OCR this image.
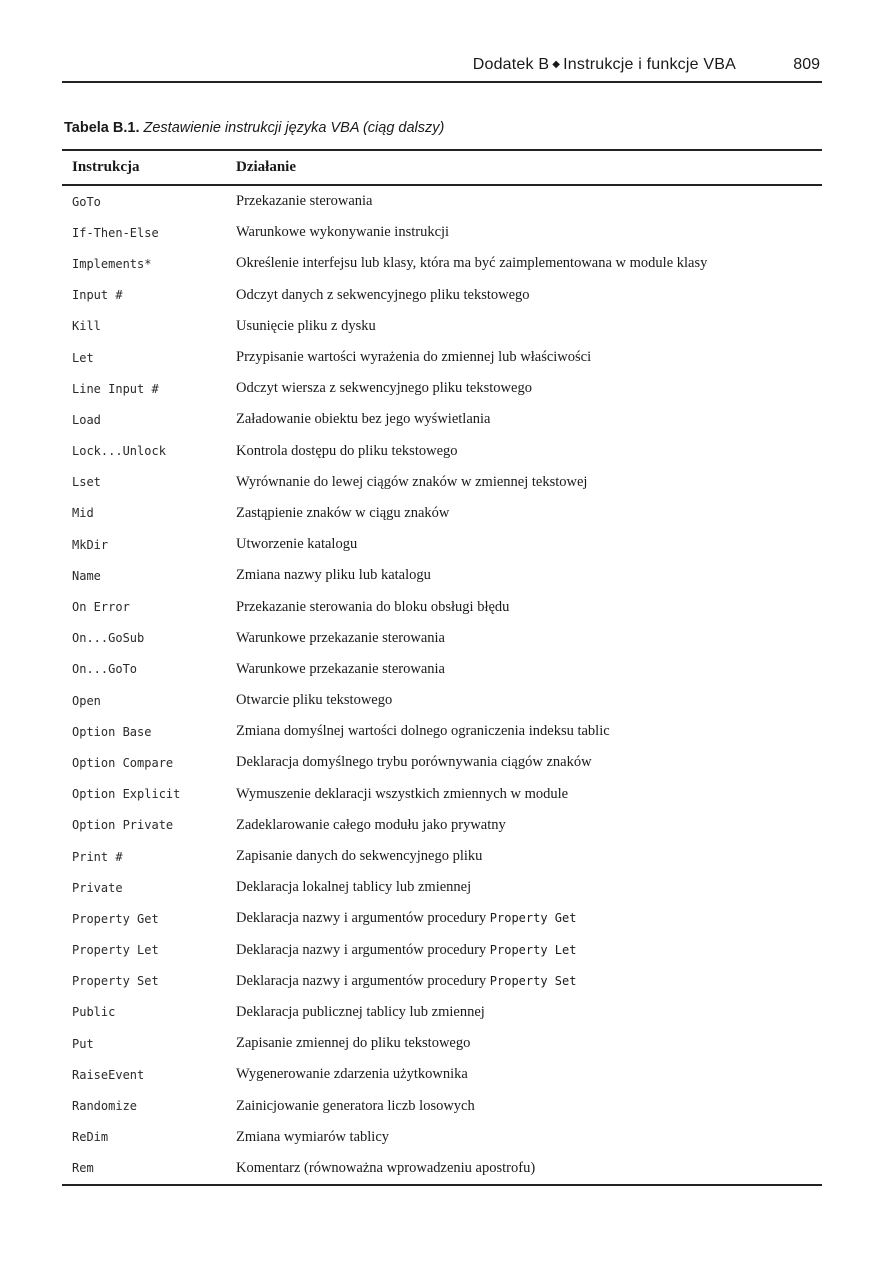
Dodatek B ◆ Instrukcje i funkcje VBA	809
Tabela B.1. Zestawienie instrukcji języka VBA (ciąg dalszy)
Instrukcja	Działanie
GoTo	Przekazanie sterowania
If-Then-Else	Warunkowe wykonywanie instrukcji
Implements*	Określenie interfejsu lub klasy, która ma być zaimplementowana w module klasy
Input #	Odczyt danych z sekwencyjnego pliku tekstowego
Kill	Usunięcie pliku z dysku
Let	Przypisanie wartości wyrażenia do zmiennej lub właściwości
Line Input #	Odczyt wiersza z sekwencyjnego pliku tekstowego
Load	Załadowanie obiektu bez jego wyświetlania
Lock...Unlock	Kontrola dostępu do pliku tekstowego
Lset	Wyrównanie do lewej ciągów znaków w zmiennej tekstowej
Mid	Zastąpienie znaków w ciągu znaków
MkDir	Utworzenie katalogu
Name	Zmiana nazwy pliku lub katalogu
On Error	Przekazanie sterowania do bloku obsługi błędu
On...GoSub	Warunkowe przekazanie sterowania
On...GoTo	Warunkowe przekazanie sterowania
Open	Otwarcie pliku tekstowego
Option Base	Zmiana domyślnej wartości dolnego ograniczenia indeksu tablic
Option Compare	Deklaracja domyślnego trybu porównywania ciągów znaków
Option Explicit	Wymuszenie deklaracji wszystkich zmiennych w module
Option Private	Zadeklarowanie całego modułu jako prywatny
Print #	Zapisanie danych do sekwencyjnego pliku
Private	Deklaracja lokalnej tablicy lub zmiennej
Property Get	Deklaracja nazwy i argumentów procedury Property Get
Property Let	Deklaracja nazwy i argumentów procedury Property Let
Property Set	Deklaracja nazwy i argumentów procedury Property Set
Public	Deklaracja publicznej tablicy lub zmiennej
Put	Zapisanie zmiennej do pliku tekstowego
RaiseEvent	Wygenerowanie zdarzenia użytkownika
Randomize	Zainicjowanie generatora liczb losowych
ReDim	Zmiana wymiarów tablicy
Rem	Komentarz (równoważna wprowadzeniu apostrofu)
